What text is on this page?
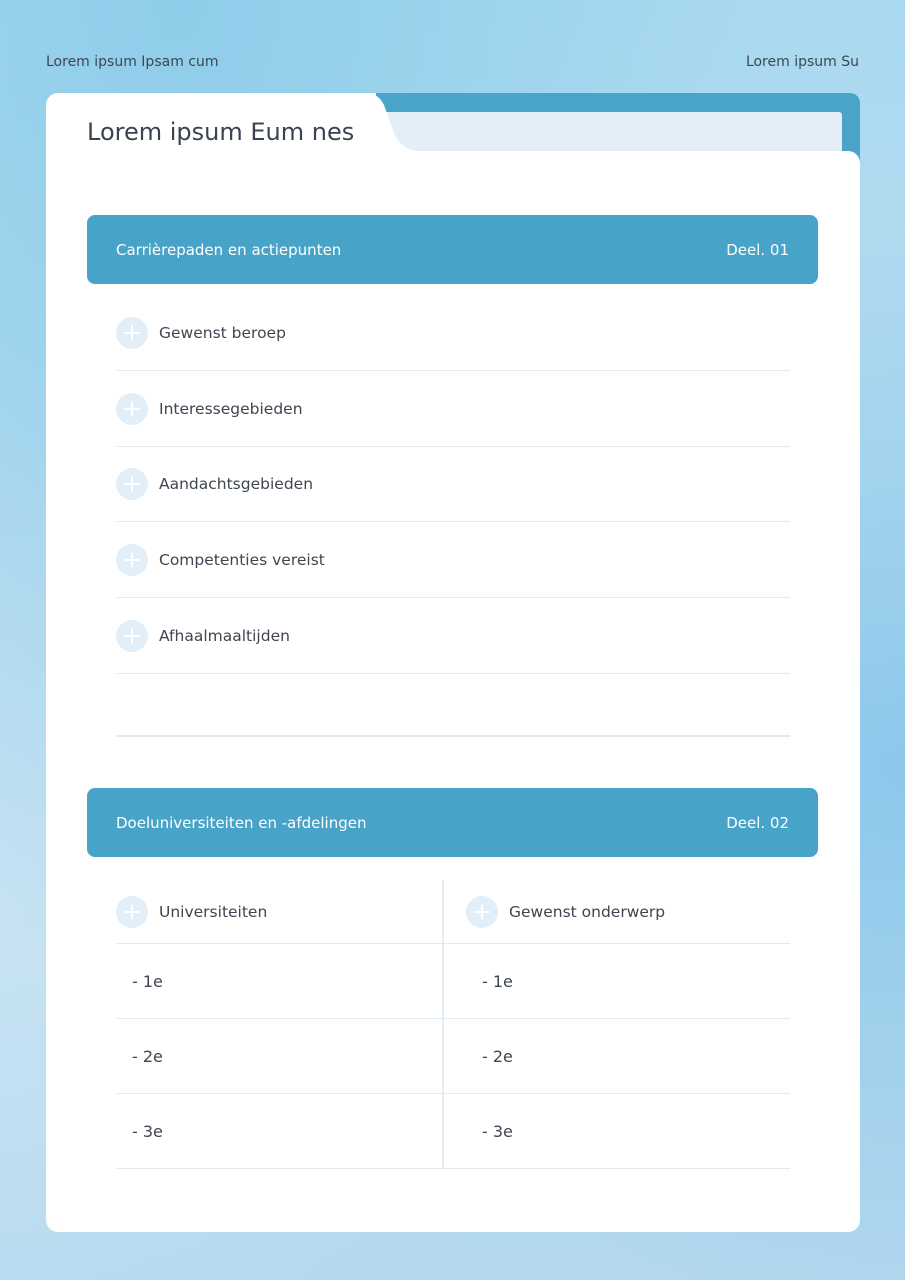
Lorem ipsum Ipsam cum	Lorem ipsum Su
Lorem ipsum Eum nes
Carrièrepaden en actiepunten	Deel. 01
Gewenst beroep
Interessegebieden
Aandachtsgebieden
Competenties vereist
Afhaalmaaltijden
Doeluniversiteiten en -afdelingen	Deel. 02
Universiteiten	Gewenst onderwerp
- 1e	- 1e
- 2e	- 2e
- 3e	- 3e
